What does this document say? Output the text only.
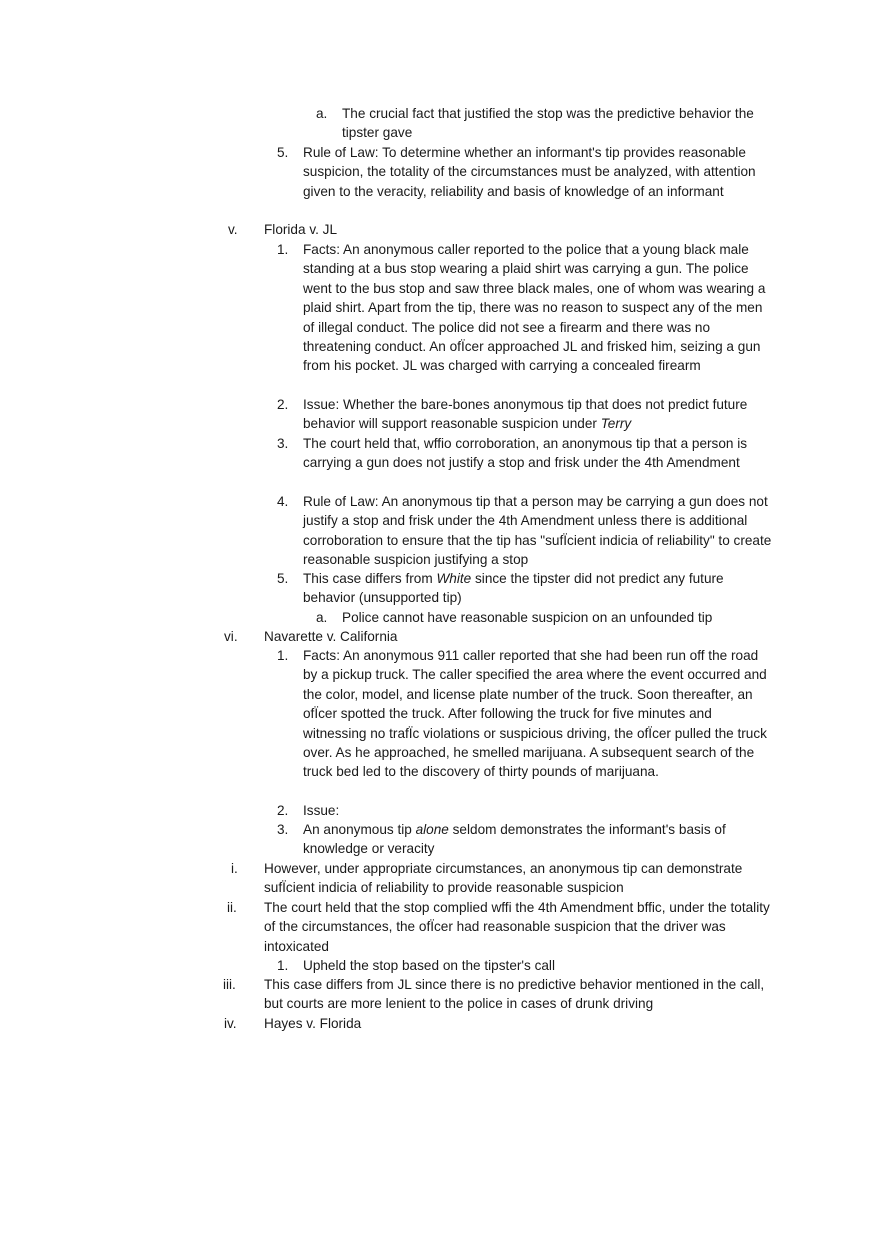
a. The crucial fact that justified the stop was the predictive behavior the tipster gave
5. Rule of Law: To determine whether an informant's tip provides reasonable suspicion, the totality of the circumstances must be analyzed, with attention given to the veracity, reliability and basis of knowledge of an informant
v. Florida v. JL
1. Facts: An anonymous caller reported to the police that a young black male standing at a bus stop wearing a plaid shirt was carrying a gun. The police went to the bus stop and saw three black males, one of whom was wearing a plaid shirt. Apart from the tip, there was no reason to suspect any of the men of illegal conduct. The police did not see a firearm and there was no threatening conduct. An ofÏcer approached JL and frisked him, seizing a gun from his pocket. JL was charged with carrying a concealed firearm
2. Issue: Whether the bare-bones anonymous tip that does not predict future behavior will support reasonable suspicion under Terry
3. The court held that, wffio corroboration, an anonymous tip that a person is carrying a gun does not justify a stop and frisk under the 4th Amendment
4. Rule of Law: An anonymous tip that a person may be carrying a gun does not justify a stop and frisk under the 4th Amendment unless there is additional corroboration to ensure that the tip has "sufÏcient indicia of reliability" to create reasonable suspicion justifying a stop
5. This case differs from White since the tipster did not predict any future behavior (unsupported tip)
a. Police cannot have reasonable suspicion on an unfounded tip
vi. Navarette v. California
1. Facts: An anonymous 911 caller reported that she had been run off the road by a pickup truck. The caller specified the area where the event occurred and the color, model, and license plate number of the truck. Soon thereafter, an ofÏcer spotted the truck. After following the truck for five minutes and witnessing no trafÏc violations or suspicious driving, the ofÏcer pulled the truck over. As he approached, he smelled marijuana. A subsequent search of the truck bed led to the discovery of thirty pounds of marijuana.
2. Issue:
3. An anonymous tip alone seldom demonstrates the informant's basis of knowledge or veracity
i. However, under appropriate circumstances, an anonymous tip can demonstrate sufÏcient indicia of reliability to provide reasonable suspicion
ii. The court held that the stop complied wffi the 4th Amendment bffic, under the totality of the circumstances, the ofÏcer had reasonable suspicion that the driver was intoxicated
1. Upheld the stop based on the tipster's call
iii. This case differs from JL since there is no predictive behavior mentioned in the call, but courts are more lenient to the police in cases of drunk driving
iv. Hayes v. Florida
